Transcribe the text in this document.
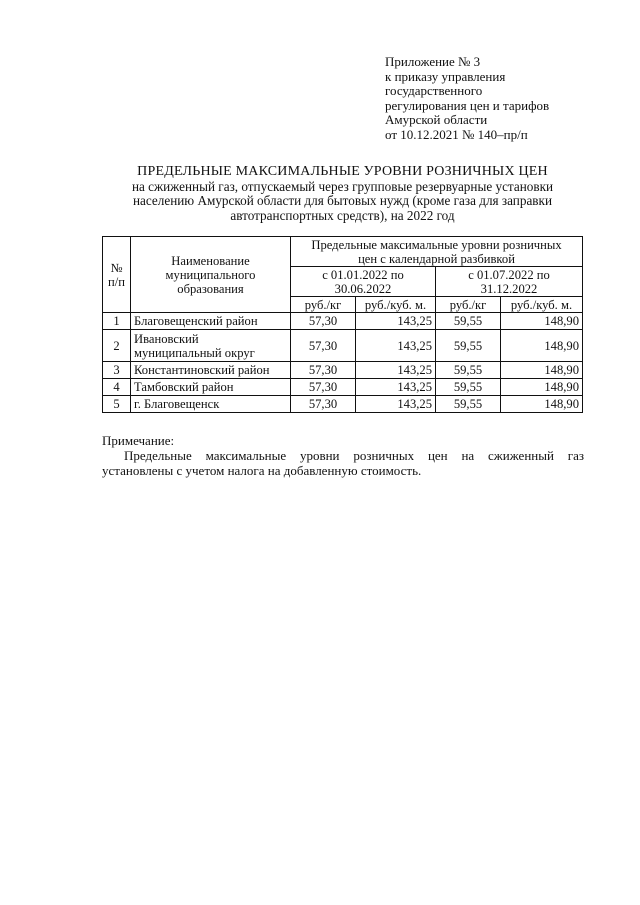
Приложение № 3
к приказу управления
государственного
регулирования цен и тарифов
Амурской области
от 10.12.2021 № 140–пр/п
ПРЕДЕЛЬНЫЕ МАКСИМАЛЬНЫЕ УРОВНИ РОЗНИЧНЫХ ЦЕН
на сжиженный газ, отпускаемый через групповые резервуарные установки
населению Амурской области для бытовых нужд (кроме газа для заправки
автотранспортных средств), на 2022 год
№
п/п	Наименование муниципального образования	Предельные максимальные уровни розничных цен с календарной разбивкой			
		с 01.01.2022 по 30.06.2022		с 01.07.2022 по 31.12.2022	
		руб./кг	руб./куб. м.	руб./кг	руб./куб. м.
1	Благовещенский район	57,30	143,25	59,55	148,90
2	Ивановский муниципальный округ	57,30	143,25	59,55	148,90
3	Константиновский район	57,30	143,25	59,55	148,90
4	Тамбовский район	57,30	143,25	59,55	148,90
5	г. Благовещенск	57,30	143,25	59,55	148,90
Примечание:
Предельные максимальные уровни розничных цен на сжиженный газ установлены с учетом налога на добавленную стоимость.
